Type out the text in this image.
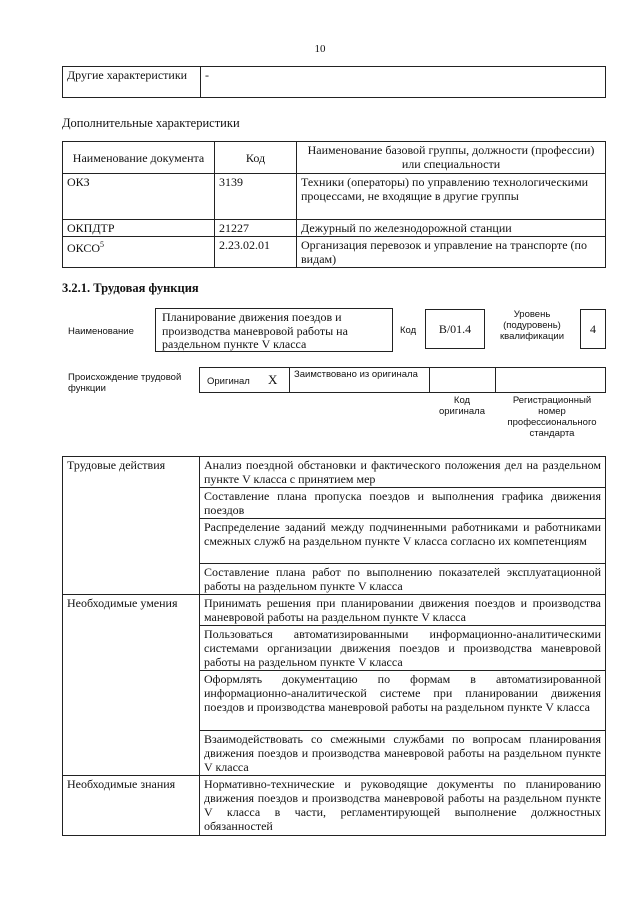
10
Другие характеристики	-
Дополнительные характеристики
Наименование документа	Код	Наименование базовой группы, должности (профессии) или специальности
ОКЗ	3139	Техники (операторы) по управлению технологическими процессами, не входящие в другие группы
ОКПДТР	21227	Дежурный по железнодорожной станции
ОКСО$^5$	2.23.02.01	Организация перевозок и управление на транспорте (по видам)
3.2.1. Трудовая функция
Наименование
Планирование движения поездов и производства маневровой работы на раздельном пункте V класса
Код	В/01.4
Уровень (подуровень) квалификации
4
Происхождение трудовой функции
Оригинал X Заимствовано из оригинала
Код оригинала
Регистрационный номер профессионального стандарта
Трудовые действия	Анализ поездной обстановки и фактического положения дел на раздельном пункте V класса с принятием мер
	Составление плана пропуска поездов и выполнения графика движения поездов
	Распределение заданий между подчиненными работниками и работниками смежных служб на раздельном пункте V класса согласно их компетенциям
	Составление плана работ по выполнению показателей эксплуатационной работы на раздельном пункте V класса
Необходимые умения	Принимать решения при планировании движения поездов и производства маневровой работы на раздельном пункте V класса
	Пользоваться автоматизированными информационно-аналитическими системами организации движения поездов и производства маневровой работы на раздельном пункте V класса
	Оформлять документацию по формам в автоматизированной информационно-аналитической системе при планировании движения поездов и производства маневровой работы на раздельном пункте V класса
	Взаимодействовать со смежными службами по вопросам планирования движения поездов и производства маневровой работы на раздельном пункте V класса
Необходимые знания	Нормативно-технические и руководящие документы по планированию движения поездов и производства маневровой работы на раздельном пункте V класса в части, регламентирующей выполнение должностных обязанностей
